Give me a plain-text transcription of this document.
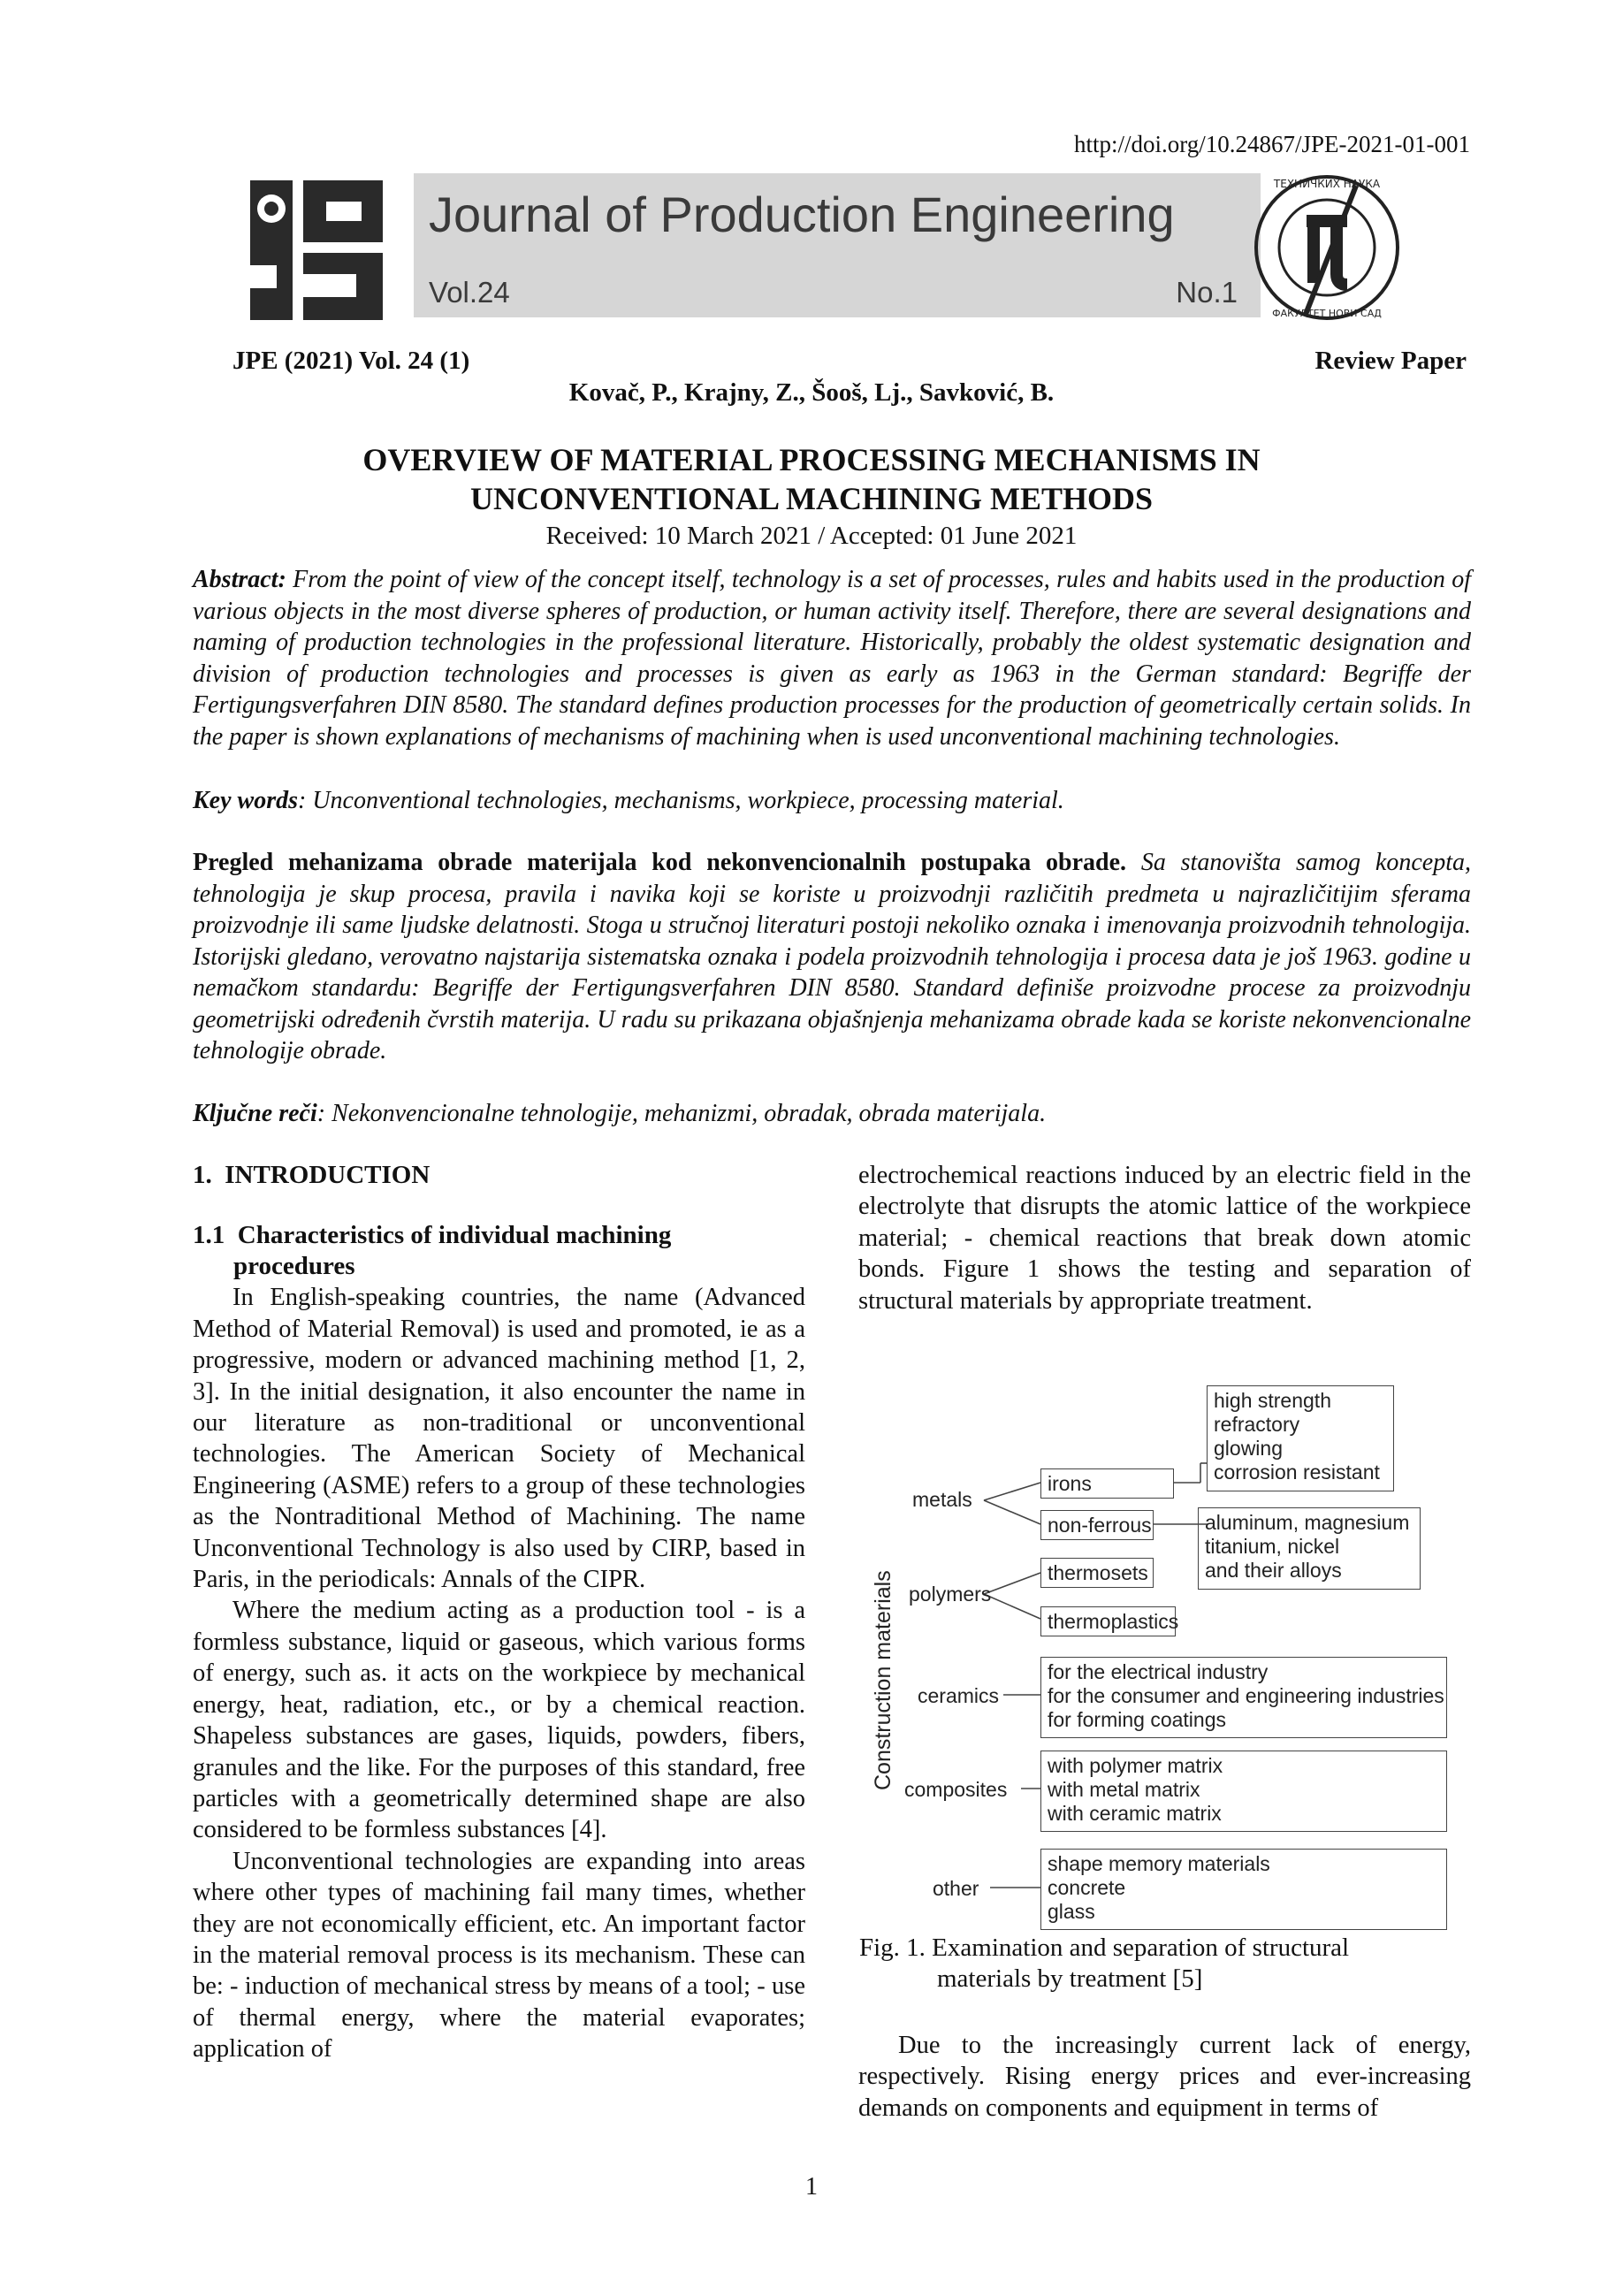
http://doi.org/10.24867/JPE-2021-01-001
Journal of Production Engineering
Vol.24	No.1
ТЕХНИЧКИХ НАУКА
ФАКУЛТЕТ НОВИ САД
JPE (2021) Vol. 24 (1)	Review Paper
Kovač, P., Krajny, Z., Šooš, Lj., Savković, B.
OVERVIEW OF MATERIAL PROCESSING MECHANISMS IN
UNCONVENTIONAL MACHINING METHODS
Received: 10 March 2021 / Accepted: 01 June 2021
Abstract: From the point of view of the concept itself, technology is a set of processes, rules and habits used in the production of various objects in the most diverse spheres of production, or human activity itself. Therefore, there are several designations and naming of production technologies in the professional literature. Historically, probably the oldest systematic designation and division of production technologies and processes is given as early as 1963 in the German standard: Begriffe der Fertigungsverfahren DIN 8580. The standard defines production processes for the production of geometrically certain solids. In the paper is shown explanations of mechanisms of machining when is used unconventional machining technologies.
Key words: Unconventional technologies, mechanisms, workpiece, processing material.
Pregled mehanizama obrade materijala kod nekonvencionalnih postupaka obrade. Sa stanovišta samog koncepta, tehnologija je skup procesa, pravila i navika koji se koriste u proizvodnji različitih predmeta u najrazličitijim sferama proizvodnje ili same ljudske delatnosti. Stoga u stručnoj literaturi postoji nekoliko oznaka i imenovanja proizvodnih tehnologija. Istorijski gledano, verovatno najstarija sistematska oznaka i podela proizvodnih tehnologija i procesa data je još 1963. godine u nemačkom standardu: Begriffe der Fertigungsverfahren DIN 8580. Standard definiše proizvodne procese za proizvodnju geometrijski određenih čvrstih materija. U radu su prikazana objašnjenja mehanizama obrade kada se koriste nekonvencionalne tehnologije obrade.
Ključne reči: Nekonvencionalne tehnologije, mehanizmi, obradak, obrada materijala.
1.  INTRODUCTION
1.1  Characteristics of individual machining
procedures

In English-speaking countries, the name (Advanced Method of Material Removal) is used and promoted, ie as a progressive, modern or advanced machining method [1, 2, 3]. In the initial designation, it also encounter the name in our literature as non-traditional or unconventional technologies. The American Society of Mechanical Engineering (ASME) refers to a group of these technologies as the Nontraditional Method of Machining. The name Unconventional Technology is also used by CIRP, based in Paris, in the periodicals: Annals of the CIPR.

Where the medium acting as a production tool - is a formless substance, liquid or gaseous, which various forms of energy, such as. it acts on the workpiece by mechanical energy, heat, radiation, etc., or by a chemical reaction. Shapeless substances are gases, liquids, powders, fibers, granules and the like. For the purposes of this standard, free particles with a geometrically determined shape are also considered to be formless substances [4].

Unconventional technologies are expanding into areas where other types of machining fail many times, whether they are not economically efficient, etc. An important factor in the material removal process is its mechanism. These can be: - induction of mechanical stress by means of a tool; - use of thermal energy, where the material evaporates; application of

electrochemical reactions induced by an electric field in the electrolyte that disrupts the atomic lattice of the workpiece material; - chemical reactions that break down atomic bonds. Figure 1 shows the testing and separation of structural materials by appropriate treatment.

Construction materials
metals
polymers
ceramics
composites
other
irons
non-ferrous
thermosets
thermoplastics
high strength
refractory
glowing
corrosion resistant
aluminum, magnesium
titanium, nickel
and their alloys
for the electrical industry
for the consumer and engineering industries
for forming coatings
with polymer matrix
with metal matrix
with ceramic matrix
shape memory materials
concrete
glass
Fig. 1. Examination and separation of structural
materials by treatment [5]

Due to the increasingly current lack of energy, respectively. Rising energy prices and ever-increasing demands on components and equipment in terms of

1
